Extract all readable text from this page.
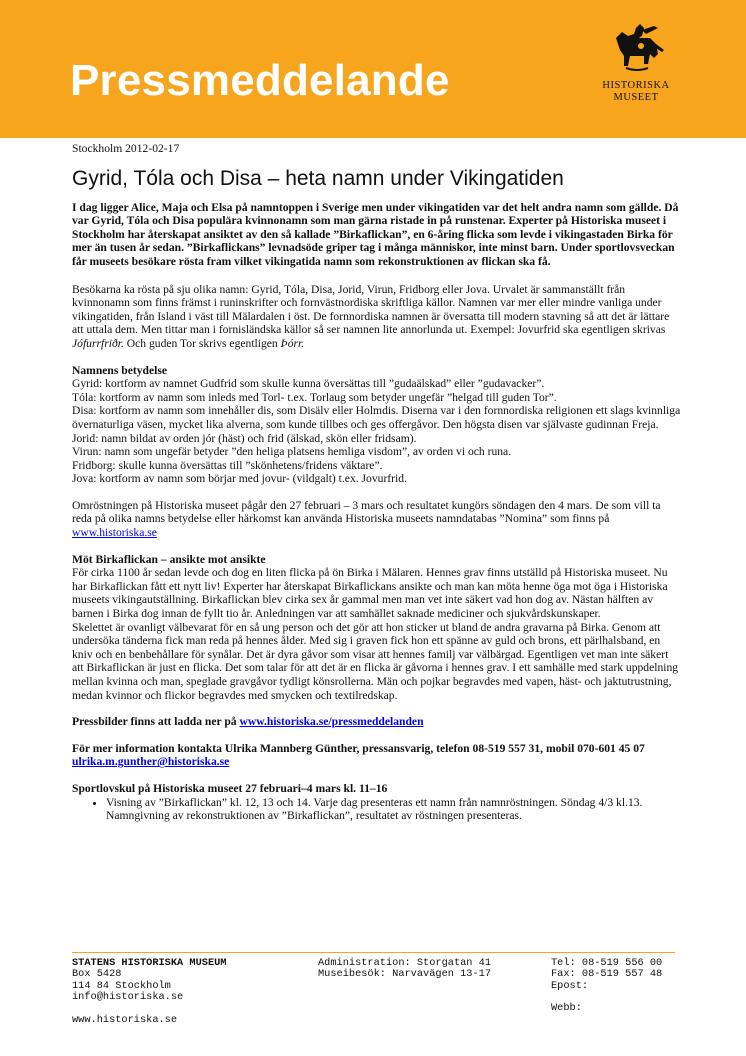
Pressmeddelande	HISTORISKA
MUSEET
Stockholm 2012-02-17
Gyrid, Tóla och Disa – heta namn under Vikingatiden

I dag ligger Alice, Maja och Elsa på namntoppen i Sverige men under vikingatiden var det helt andra namn som gällde. Då var Gyrid, Tóla och Disa populära kvinnonamn som man gärna ristade in på runstenar. Experter på Historiska museet i Stockholm har återskapat ansiktet av den så kallade ”Birkaflickan”, en 6-åring flicka som levde i vikingastaden Birka för mer än tusen år sedan. ”Birkaflickans” levnadsöde griper tag i många människor, inte minst barn. Under sportlovsveckan får museets besökare rösta fram vilket vikingatida namn som rekonstruktionen av flickan ska få.

Besökarna ka rösta på sju olika namn: Gyrid, Tóla, Disa, Jorid, Virun, Fridborg eller Jova. Urvalet är sammanställt från kvinnonamn som finns främst i runinskrifter och fornvästnordiska skriftliga källor. Namnen var mer eller mindre vanliga under vikingatiden, från Island i väst till Mälardalen i öst. De fornnordiska namnen är översatta till modern stavning så att det är lättare att uttala dem. Men tittar man i fornisländska källor så ser namnen lite annorlunda ut. Exempel: Jovurfrid ska egentligen skrivas Jófurrfriðr. Och guden Tor skrivs egentligen Þórr.

Namnens betydelse
Gyrid: kortform av namnet Gudfrid som skulle kunna översättas till ”gudaälskad” eller ”gudavacker”.
Tóla: kortform av namn som inleds med Torl- t.ex. Torlaug som betyder ungefär ”helgad till guden Tor”.
Disa: kortform av namn som innehåller dis, som Disälv eller Holmdis. Diserna var i den fornnordiska religionen ett slags kvinnliga övernaturliga väsen, mycket lika alverna, som kunde tillbes och ges offergåvor. Den högsta disen var självaste gudinnan Freja.
Jorid: namn bildat av orden jór (häst) och frid (älskad, skön eller fridsam).
Virun: namn som ungefär betyder ”den heliga platsens hemliga visdom”, av orden vi och runa.
Fridborg: skulle kunna översättas till ”skönhetens/fridens väktare”.
Jova: kortform av namn som börjar med jovur- (vildgalt) t.ex. Jovurfrid.

Omröstningen på Historiska museet pågår den 27 februari – 3 mars och resultatet kungörs söndagen den 4 mars. De som vill ta reda på olika namns betydelse eller härkomst kan använda Historiska museets namndatabas ”Nomina” som finns på www.historiska.se

Möt Birkaflickan – ansikte mot ansikte
För cirka 1100 år sedan levde och dog en liten flicka på ön Birka i Mälaren. Hennes grav finns utställd på Historiska museet. Nu har Birkaflickan fått ett nytt liv! Experter har återskapat Birkaflickans ansikte och man kan möta henne öga mot öga i Historiska museets vikingautställning. Birkaflickan blev cirka sex år gammal men man vet inte säkert vad hon dog av. Nästan hälften av barnen i Birka dog innan de fyllt tio år. Anledningen var att samhället saknade mediciner och sjukvårdskunskaper.
Skelettet är ovanligt välbevarat för en så ung person och det gör att hon sticker ut bland de andra gravarna på Birka. Genom att undersöka tänderna fick man reda på hennes ålder. Med sig i graven fick hon ett spänne av guld och brons, ett pärlhalsband, en kniv och en benbehållare för synålar. Det är dyra gåvor som visar att hennes familj var välbärgad. Egentligen vet man inte säkert att Birkaflickan är just en flicka. Det som talar för att det är en flicka är gåvorna i hennes grav. I ett samhälle med stark uppdelning mellan kvinna och man, speglade gravgåvor tydligt könsrollerna. Män och pojkar begravdes med vapen, häst- och jaktutrustning, medan kvinnor och flickor begravdes med smycken och textilredskap.

Pressbilder finns att ladda ner på www.historiska.se/pressmeddelanden

För mer information kontakta Ulrika Mannberg Günther, pressansvarig, telefon 08-519 557 31, mobil 070-601 45 07 ulrika.m.gunther@historiska.se

Sportlovskul på Historiska museet 27 februari–4 mars kl. 11–16
• Visning av ”Birkaflickan” kl. 12, 13 och 14. Varje dag presenteras ett namn från namnröstningen. Söndag 4/3 kl.13. Namngivning av rekonstruktionen av ”Birkaflickan”, resultatet av röstningen presenteras.
STATENS HISTORISKA MUSEUM
Box 5428
114 84 Stockholm
info@historiska.se
www.historiska.se
Administration: Storgatan 41
Museibesök: Narvavägen 13-17
Tel: 08-519 556 00
Fax: 08-519 557 48
Epost:
Webb:
